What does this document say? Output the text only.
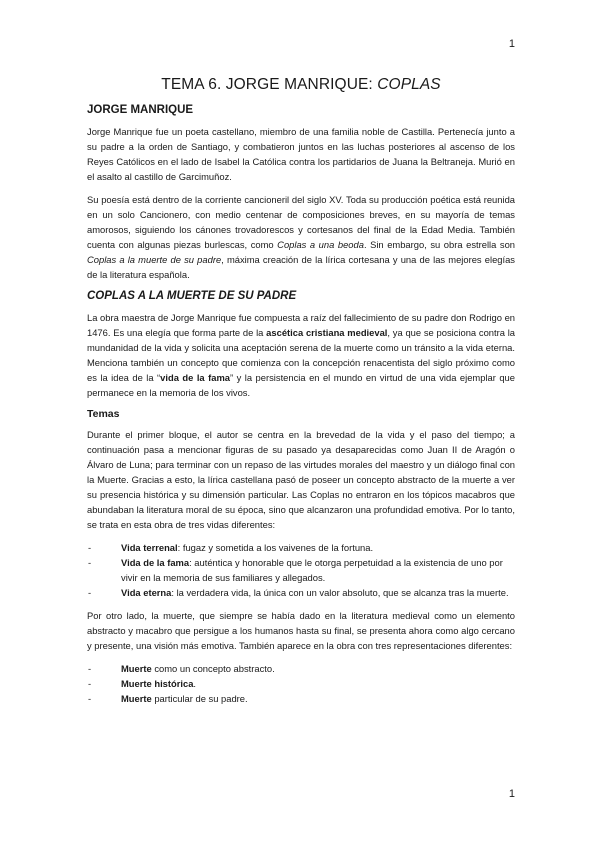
1
TEMA 6. JORGE MANRIQUE: COPLAS
JORGE MANRIQUE

Jorge Manrique fue un poeta castellano, miembro de una familia noble de Castilla. Pertenecía junto a su padre a la orden de Santiago, y combatieron juntos en las luchas posteriores al ascenso de los Reyes Católicos en el lado de Isabel la Católica contra los partidarios de Juana la Beltraneja. Murió en el asalto al castillo de Garcimuñoz.

Su poesía está dentro de la corriente cancioneril del siglo XV. Toda su producción poética está reunida en un solo Cancionero, con medio centenar de composiciones breves, en su mayoría de temas amorosos, siguiendo los cánones trovadorescos y cortesanos del final de la Edad Media. También cuenta con algunas piezas burlescas, como Coplas a una beoda. Sin embargo, su obra estrella son Coplas a la muerte de su padre, máxima creación de la lírica cortesana y una de las mejores elegías de la literatura española.

COPLAS A LA MUERTE DE SU PADRE

La obra maestra de Jorge Manrique fue compuesta a raíz del fallecimiento de su padre don Rodrigo en 1476. Es una elegía que forma parte de la ascética cristiana medieval, ya que se posiciona contra la mundanidad de la vida y solicita una aceptación serena de la muerte como un tránsito a la vida eterna. Menciona también un concepto que comienza con la concepción renacentista del siglo próximo como es la idea de la “vida de la fama” y la persistencia en el mundo en virtud de una vida ejemplar que permanece en la memoria de los vivos.

Temas

Durante el primer bloque, el autor se centra en la brevedad de la vida y el paso del tiempo; a continuación pasa a mencionar figuras de su pasado ya desaparecidas como Juan II de Aragón o Álvaro de Luna; para terminar con un repaso de las virtudes morales del maestro y un diálogo final con la Muerte. Gracias a esto, la lírica castellana pasó de poseer un concepto abstracto de la muerte a ver su presencia histórica y su dimensión particular. Las Coplas no entraron en los tópicos macabros que abundaban la literatura moral de su época, sino que alcanzaron una profundidad emotiva. Por lo tanto, se trata en esta obra de tres vidas diferentes:

-	Vida terrenal: fugaz y sometida a los vaivenes de la fortuna.
-	Vida de la fama: auténtica y honorable que le otorga perpetuidad a la existencia de uno por vivir en la memoria de sus familiares y allegados.
-	Vida eterna: la verdadera vida, la única con un valor absoluto, que se alcanza tras la muerte.

Por otro lado, la muerte, que siempre se había dado en la literatura medieval como un elemento abstracto y macabro que persigue a los humanos hasta su final, se presenta ahora como algo cercano y presente, una visión más emotiva. También aparece en la obra con tres representaciones diferentes:

-	Muerte como un concepto abstracto.
-	Muerte histórica.
-	Muerte particular de su padre.
1
